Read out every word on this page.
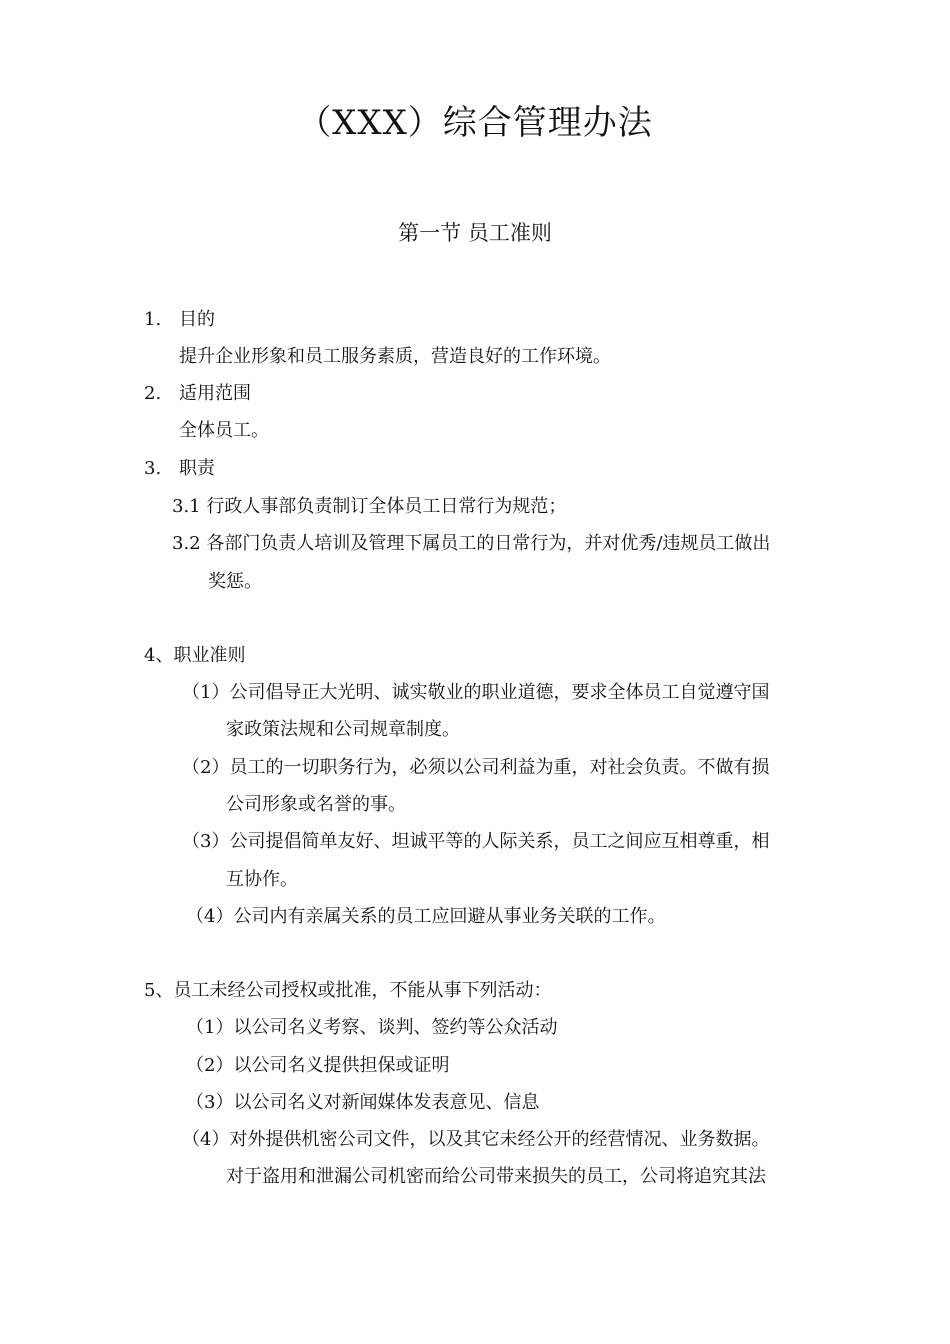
（XXX）综合管理办法
第一节 员工准则
1. 目的
提升企业形象和员工服务素质，营造良好的工作环境。
2. 适用范围
全体员工。
3. 职责
3.1 行政人事部负责制订全体员工日常行为规范；
3.2 各部门负责人培训及管理下属员工的日常行为，并对优秀/违规员工做出
奖惩。
4、职业准则
（1）公司倡导正大光明、诚实敬业的职业道德，要求全体员工自觉遵守国
家政策法规和公司规章制度。
（2）员工的一切职务行为，必须以公司利益为重，对社会负责。不做有损
公司形象或名誉的事。
（3）公司提倡简单友好、坦诚平等的人际关系，员工之间应互相尊重，相
互协作。
（4）公司内有亲属关系的员工应回避从事业务关联的工作。
5、员工未经公司授权或批准，不能从事下列活动：
（1）以公司名义考察、谈判、签约等公众活动
（2）以公司名义提供担保或证明
（3）以公司名义对新闻媒体发表意见、信息
（4）对外提供机密公司文件，以及其它未经公开的经营情况、业务数据。
对于盗用和泄漏公司机密而给公司带来损失的员工，公司将追究其法
